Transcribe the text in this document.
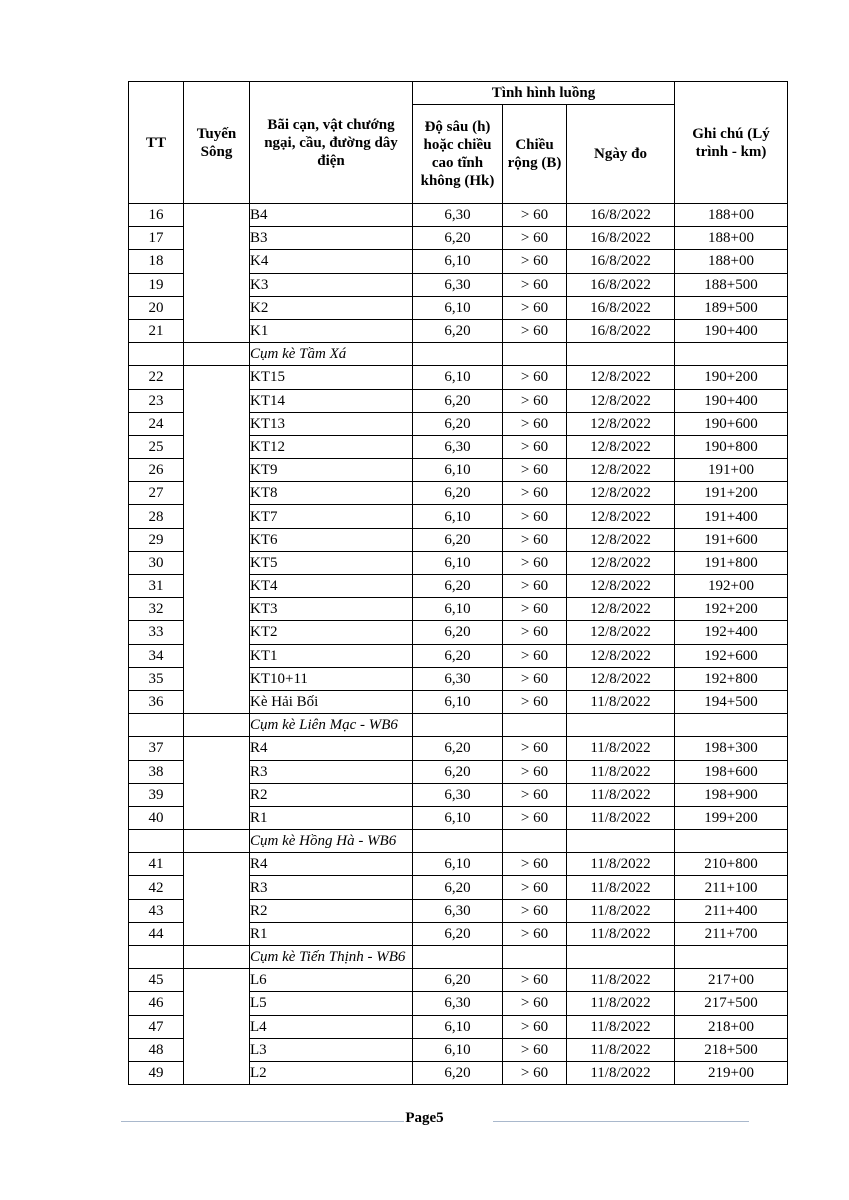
TT	Tuyến Sông	Bãi cạn, vật chướng ngại, cầu, đường dây điện	Tình hình luồng			Ghi chú (Lý trình - km)
			Độ sâu (h) hoặc chiều cao tĩnh không (Hk)	Chiều rộng (B)	Ngày đo	
16		B4	6,30	> 60	16/8/2022	188+00
17		B3	6,20	> 60	16/8/2022	188+00
18		K4	6,10	> 60	16/8/2022	188+00
19		K3	6,30	> 60	16/8/2022	188+500
20		K2	6,10	> 60	16/8/2022	189+500
21		K1	6,20	> 60	16/8/2022	190+400
		Cụm kè Tầm Xá				
22		KT15	6,10	> 60	12/8/2022	190+200
23		KT14	6,20	> 60	12/8/2022	190+400
24		KT13	6,20	> 60	12/8/2022	190+600
25		KT12	6,30	> 60	12/8/2022	190+800
26		KT9	6,10	> 60	12/8/2022	191+00
27		KT8	6,20	> 60	12/8/2022	191+200
28		KT7	6,10	> 60	12/8/2022	191+400
29		KT6	6,20	> 60	12/8/2022	191+600
30		KT5	6,10	> 60	12/8/2022	191+800
31		KT4	6,20	> 60	12/8/2022	192+00
32		KT3	6,10	> 60	12/8/2022	192+200
33		KT2	6,20	> 60	12/8/2022	192+400
34		KT1	6,20	> 60	12/8/2022	192+600
35		KT10+11	6,30	> 60	12/8/2022	192+800
36		Kè Hải Bối	6,10	> 60	11/8/2022	194+500
		Cụm kè Liên Mạc - WB6				
37		R4	6,20	> 60	11/8/2022	198+300
38		R3	6,20	> 60	11/8/2022	198+600
39		R2	6,30	> 60	11/8/2022	198+900
40		R1	6,10	> 60	11/8/2022	199+200
		Cụm kè Hồng Hà - WB6				
41		R4	6,10	> 60	11/8/2022	210+800
42		R3	6,20	> 60	11/8/2022	211+100
43		R2	6,30	> 60	11/8/2022	211+400
44		R1	6,20	> 60	11/8/2022	211+700
		Cụm kè Tiến Thịnh - WB6				
45		L6	6,20	> 60	11/8/2022	217+00
46		L5	6,30	> 60	11/8/2022	217+500
47		L4	6,10	> 60	11/8/2022	218+00
48		L3	6,10	> 60	11/8/2022	218+500
49		L2	6,20	> 60	11/8/2022	219+00
Page5
